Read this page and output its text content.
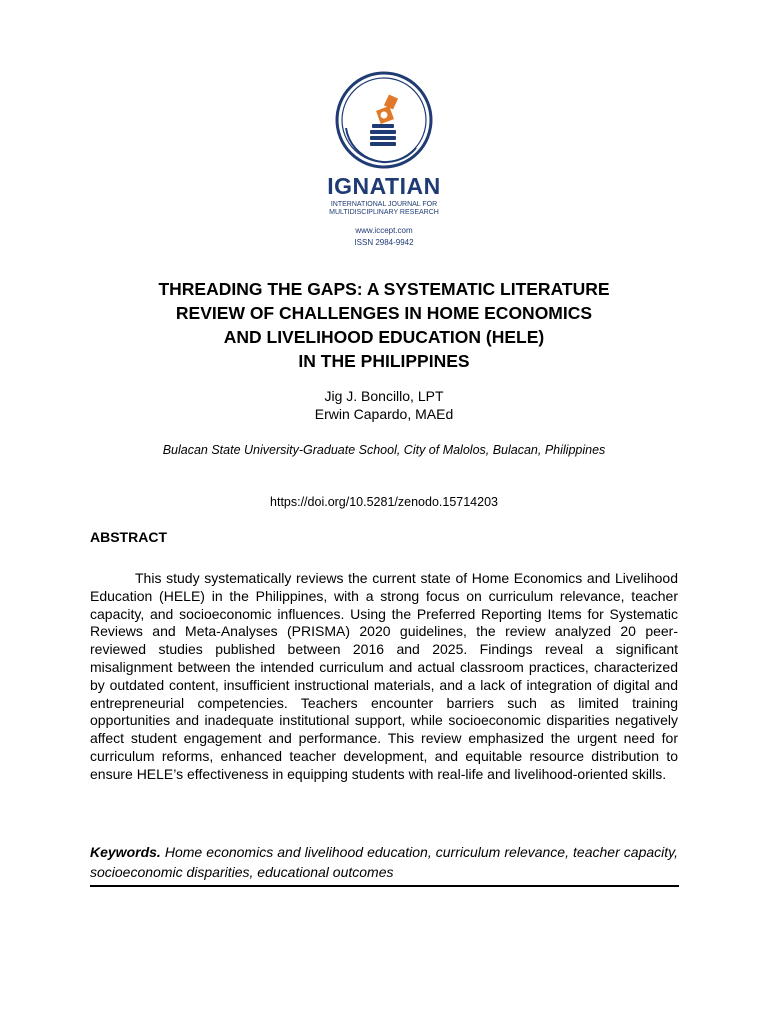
IGNATIAN
INTERNATIONAL JOURNAL FOR
MULTIDISCIPLINARY RESEARCH
www.iccept.com
ISSN 2984-9942
THREADING THE GAPS: A SYSTEMATIC LITERATURE
REVIEW OF CHALLENGES IN HOME ECONOMICS
AND LIVELIHOOD EDUCATION (HELE)
IN THE PHILIPPINES
Jig J. Boncillo, LPT
Erwin Capardo, MAEd
Bulacan State University-Graduate School, City of Malolos, Bulacan, Philippines
https://doi.org/10.5281/zenodo.15714203
ABSTRACT

This study systematically reviews the current state of Home Economics and Livelihood Education (HELE) in the Philippines, with a strong focus on curriculum relevance, teacher capacity, and socioeconomic influences. Using the Preferred Reporting Items for Systematic Reviews and Meta-Analyses (PRISMA) 2020 guidelines, the review analyzed 20 peer-reviewed studies published between 2016 and 2025. Findings reveal a significant misalignment between the intended curriculum and actual classroom practices, characterized by outdated content, insufficient instructional materials, and a lack of integration of digital and entrepreneurial competencies. Teachers encounter barriers such as limited training opportunities and inadequate institutional support, while socioeconomic disparities negatively affect student engagement and performance. This review emphasized the urgent need for curriculum reforms, enhanced teacher development, and equitable resource distribution to ensure HELE’s effectiveness in equipping students with real-life and livelihood-oriented skills.

Keywords. Home economics and livelihood education, curriculum relevance, teacher capacity, socioeconomic disparities, educational outcomes
